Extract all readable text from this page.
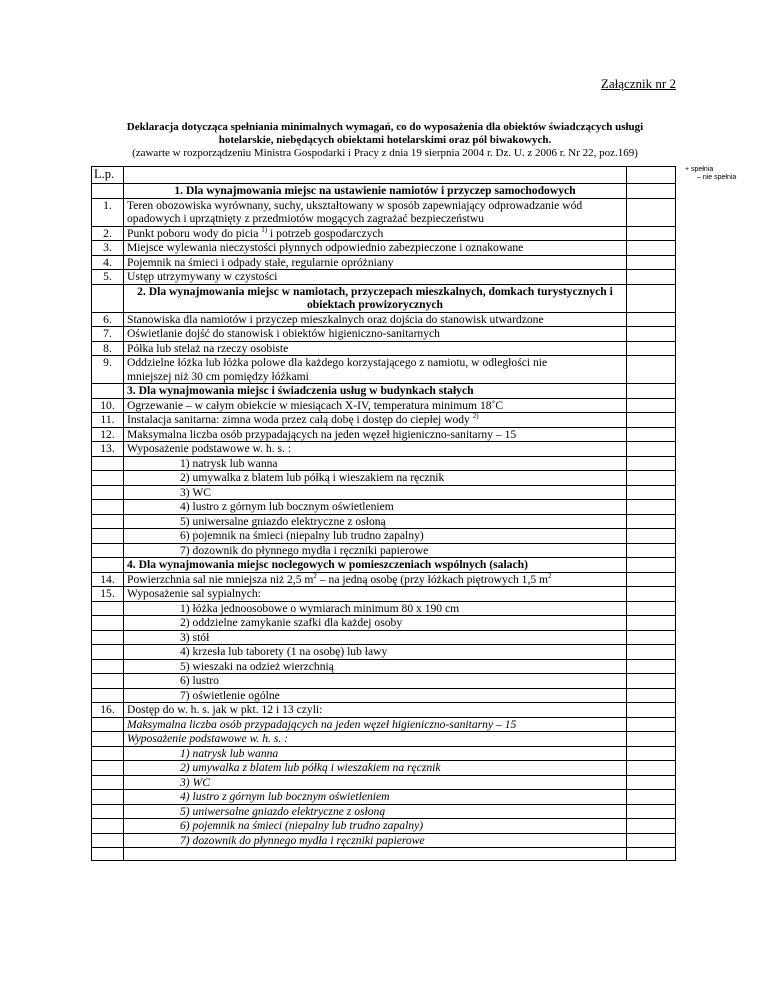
Załącznik nr 2
Deklaracja dotycząca spełniania minimalnych wymagań, co do wyposażenia dla obiektów świadczących usługi hotelarskie, niebędących obiektami hotelarskimi oraz pól biwakowych.
(zawarte w rozporządzeniu Ministra Gospodarki i Pracy z dnia 19 sierpnia 2004 r. Dz. U. z 2006 r. Nr 22, poz.169)
+ spełnia
– nie spełnia
L.p.		
	1. Dla wynajmowania miejsc na ustawienie namiotów i przyczep samochodowych	
1.	Teren obozowiska wyrównany, suchy, ukształtowany w sposób zapewniający odprowadzanie wód opadowych i uprzątnięty z przedmiotów mogących zagrażać bezpieczeństwu	
2.	Punkt poboru wody do picia $^{1)}$ i potrzeb gospodarczych	
3.	Miejsce wylewania nieczystości płynnych odpowiednio zabezpieczone i oznakowane	
4.	Pojemnik na śmieci i odpady stałe, regularnie opróżniany	
5.	Ustęp utrzymywany w czystości	
	2. Dla wynajmowania miejsc w namiotach, przyczepach mieszkalnych, domkach turystycznych i obiektach prowizorycznych	
6.	Stanowiska dla namiotów i przyczep mieszkalnych oraz dojścia do stanowisk utwardzone	
7.	Oświetlanie dojść do stanowisk i obiektów higieniczno-sanitarnych	
8.	Półka lub stelaż na rzeczy osobiste	
9.	Oddzielne łóżka lub łóżka polowe dla każdego korzystającego z namiotu, w odległości nie
mniejszej niż 30 cm pomiędzy łóżkami	

	3. Dla wynajmowania miejsc i świadczenia usług w budynkach stałych	
10.	Ogrzewanie – w całym obiekcie w miesiącach X-IV, temperatura minimum 18˚C	
11.	Instalacja sanitarna: zimna woda przez całą dobę i dostęp do ciepłej wody $^{2)}$	
12.	Maksymalna liczba osób przypadających na jeden węzeł higieniczno-sanitarny – 15	
13.	Wyposażenie podstawowe w. h. s. :	
	1) natrysk lub wanna	
	2) umywalka z blatem lub półką i wieszakiem na ręcznik	
	3) WC	
	4) lustro z górnym lub bocznym oświetleniem	
	5) uniwersalne gniazdo elektryczne z osłoną	
	6) pojemnik na śmieci (niepalny lub trudno zapalny)	
	7) dozownik do płynnego mydła i ręczniki papierowe	
	4. Dla wynajmowania miejsc noclegowych w pomieszczeniach wspólnych (salach)	
14.	Powierzchnia sal nie mniejsza niż 2,5 $m^2$ – na jedną osobę (przy łóżkach piętrowych 1,5 $m^2$	
15.	Wyposażenie sal sypialnych:	
	1) łóżka jednoosobowe o wymiarach minimum 80 x 190 cm	
	2) oddzielne zamykanie szafki dla każdej osoby	
	3) stół	
	4) krzesła lub taborety (1 na osobę) lub ławy	
	5) wieszaki na odzież wierzchnią	
	6) lustro	
	7) oświetlenie ogólne	
16.	Dostęp do w. h. s. jak w pkt. 12 i 13 czyli:	
	Maksymalna liczba osób przypadających na jeden węzeł higieniczno-sanitarny – 15	
	Wyposażenie podstawowe w. h. s. :	
	1) natrysk lub wanna	
	2) umywalka z blatem lub półką i wieszakiem na ręcznik	
	3) WC	
	4) lustro z górnym lub bocznym oświetleniem	
	5) uniwersalne gniazdo elektryczne z osłoną	
	6) pojemnik na śmieci (niepalny lub trudno zapalny)	
	7) dozownik do płynnego mydła i ręczniki papierowe	
